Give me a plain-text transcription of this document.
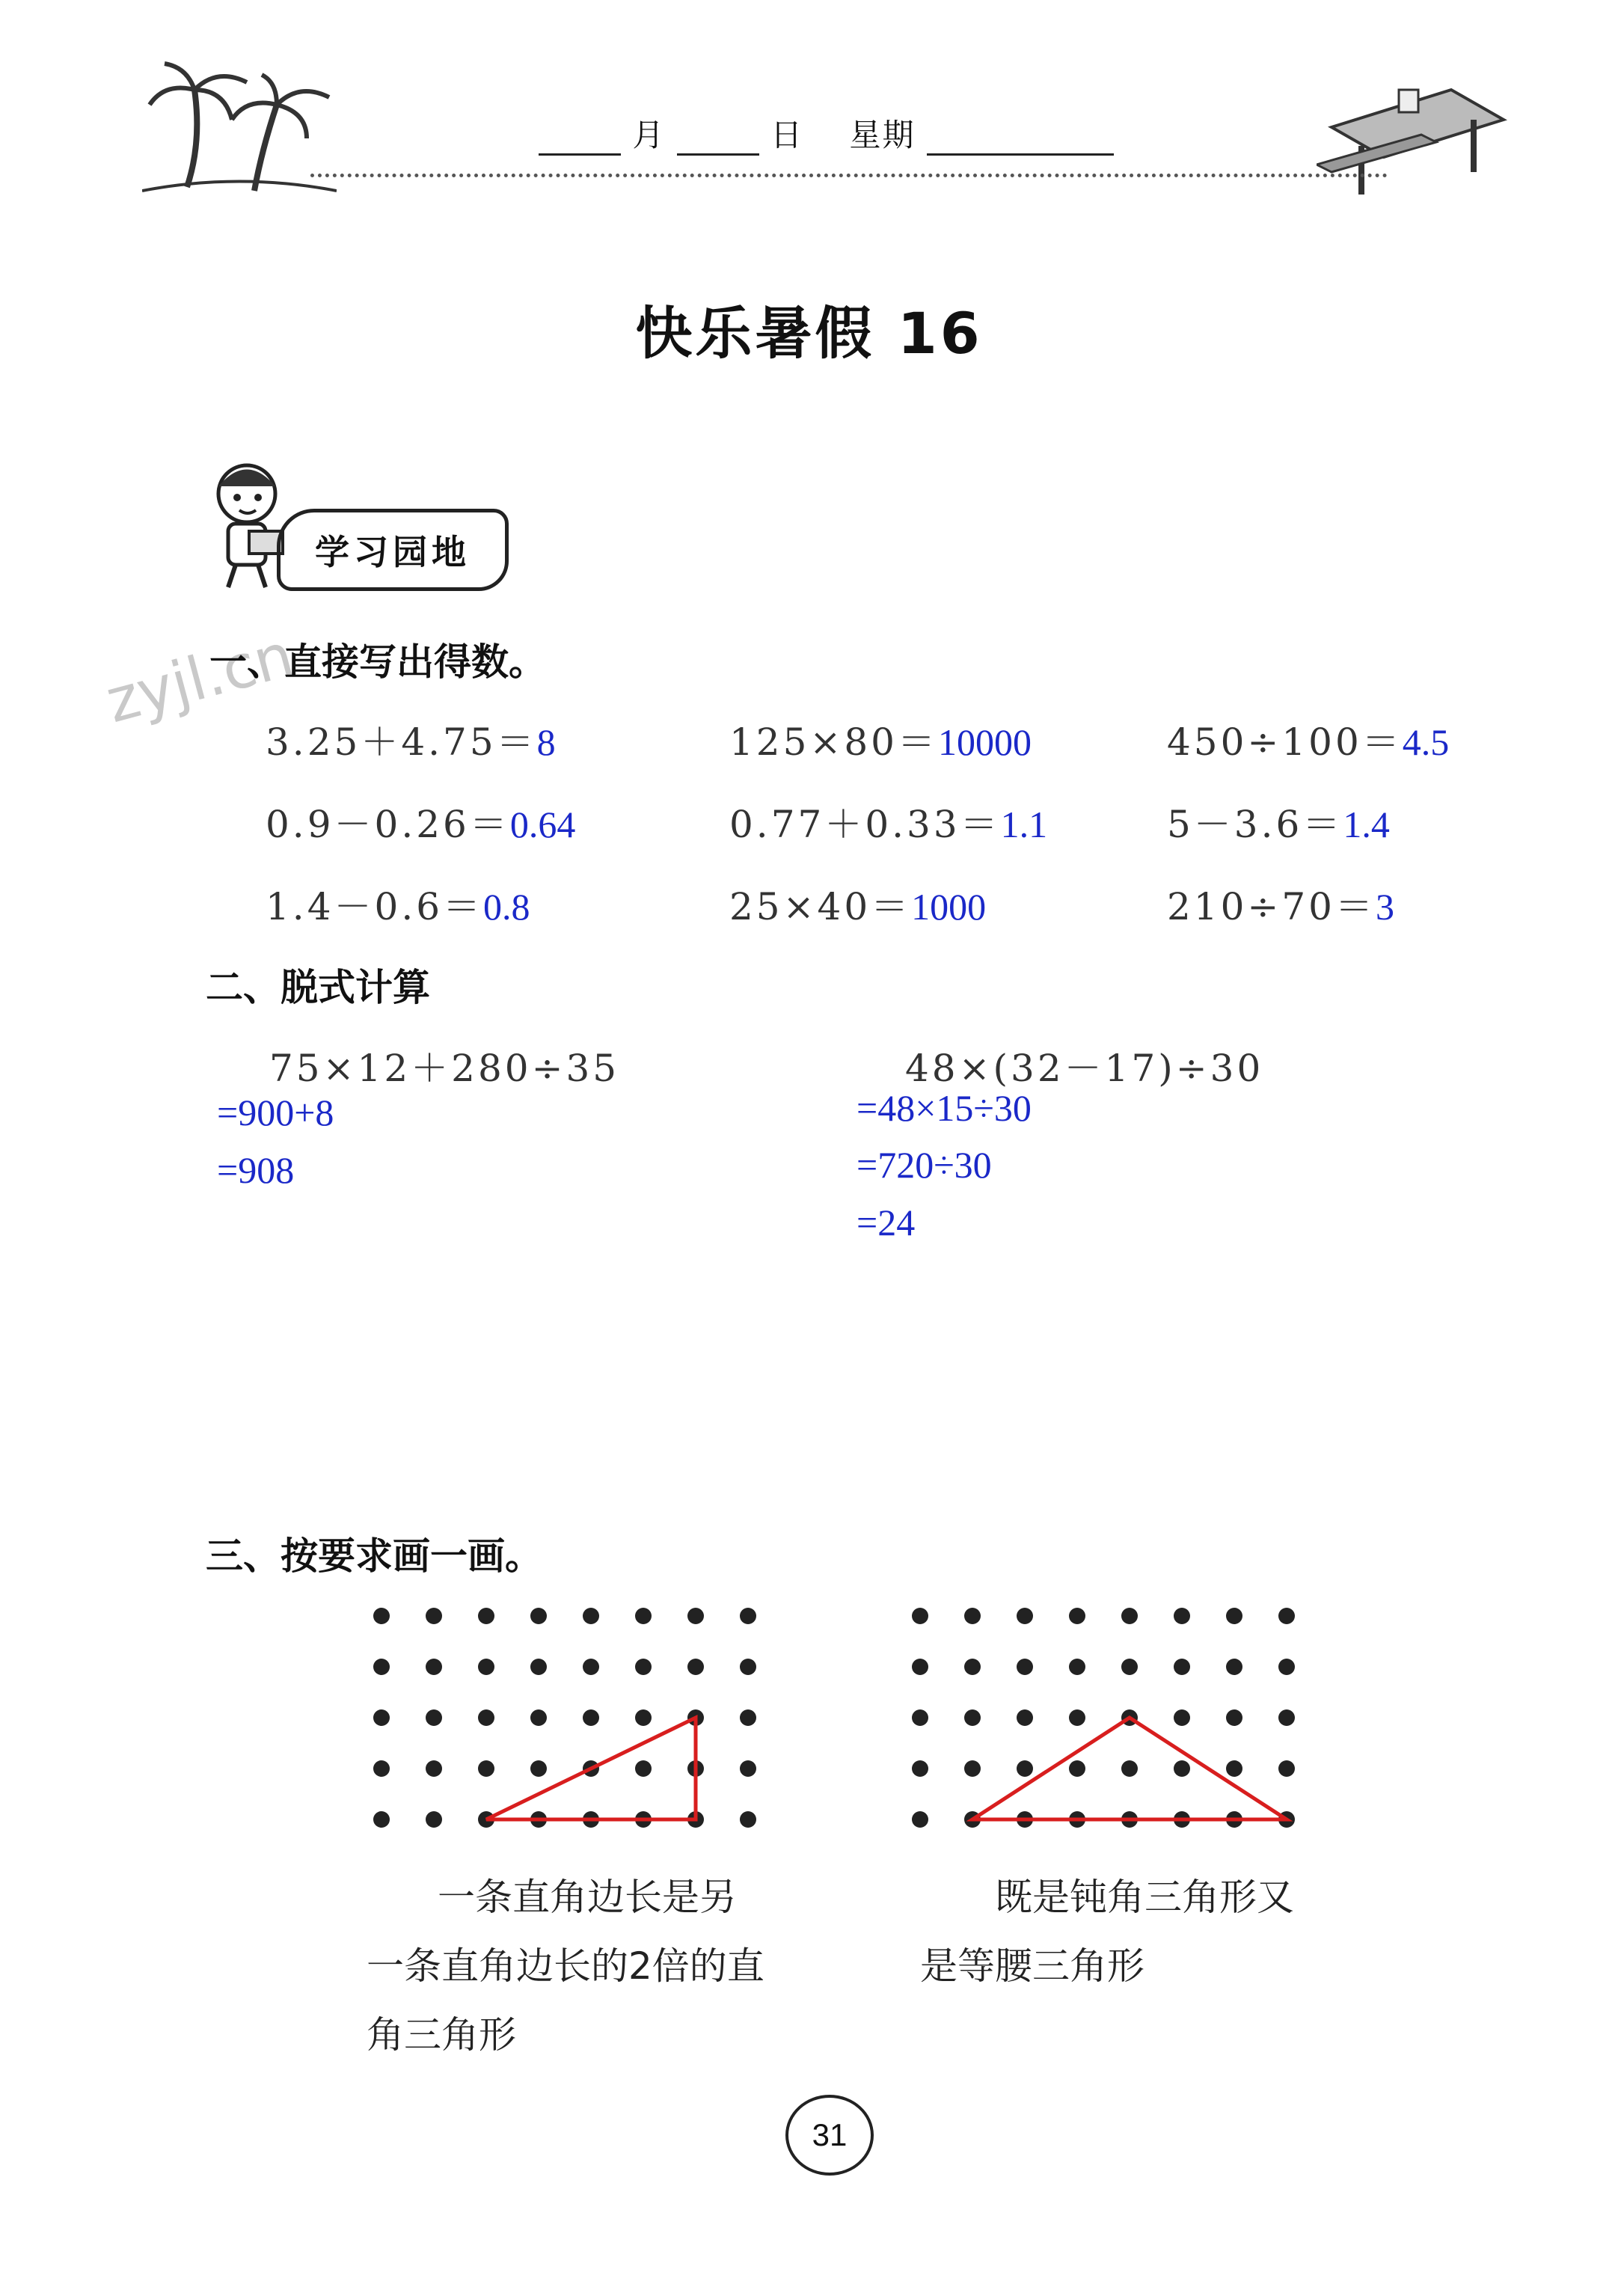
月	日 星期
快乐暑假 16
学习园地
zyjl.cn
一、直接写出得数。
3.25＋4.75＝8	125×80＝10000	450÷100＝4.5
0.9－0.26＝0.64	0.77＋0.33＝1.1	5－3.6＝1.4
1.4－0.6＝0.8	25×40＝1000	210÷70＝3
二、脱式计算
75×12＋280÷35
=900+8
=908
48×(32－17)÷30
=48×15÷30
=720÷30
=24
三、按要求画一画。
一条直角边长是另
一条直角边长的2倍的直
角三角形
既是钝角三角形又
是等腰三角形
31
